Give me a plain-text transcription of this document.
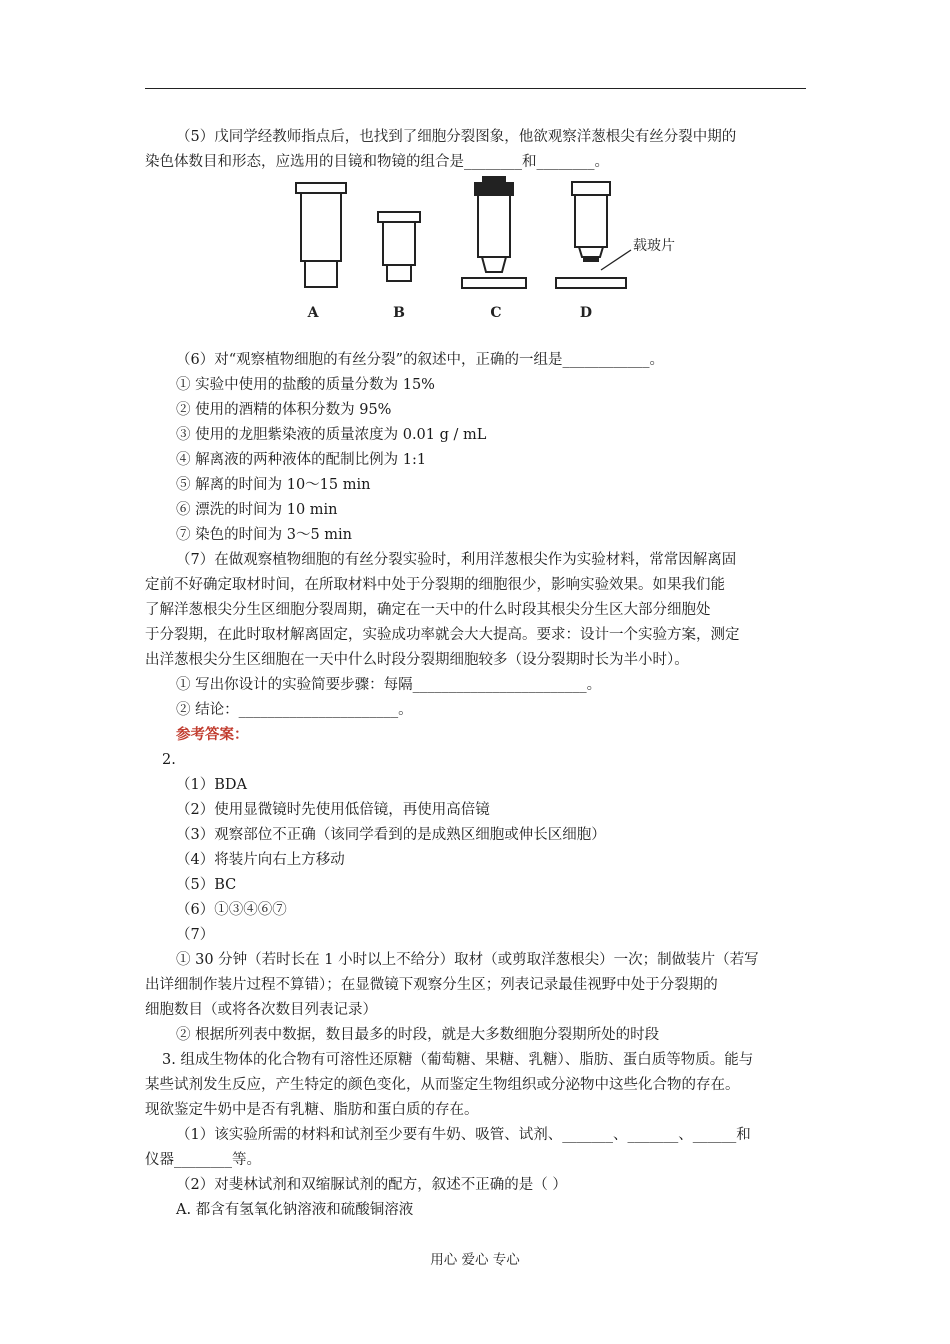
（5）戊同学经教师指点后，也找到了细胞分裂图象，他欲观察洋葱根尖有丝分裂中期的
染色体数目和形态，应选用的目镜和物镜的组合是________和________。
载玻片
A	B	C	D
（6）对“观察植物细胞的有丝分裂”的叙述中，正确的一组是____________。
① 实验中使用的盐酸的质量分数为 15%
② 使用的酒精的体积分数为 95%
③ 使用的龙胆紫染液的质量浓度为 0.01 g / mL
④ 解离液的两种液体的配制比例为 1:1
⑤ 解离的时间为 10～15 min
⑥ 漂洗的时间为 10 min
⑦ 染色的时间为 3～5 min
（7）在做观察植物细胞的有丝分裂实验时，利用洋葱根尖作为实验材料，常常因解离固
定前不好确定取材时间，在所取材料中处于分裂期的细胞很少，影响实验效果。如果我们能
了解洋葱根尖分生区细胞分裂周期，确定在一天中的什么时段其根尖分生区大部分细胞处
于分裂期，在此时取材解离固定，实验成功率就会大大提高。要求：设计一个实验方案，测定
出洋葱根尖分生区细胞在一天中什么时段分裂期细胞较多（设分裂期时长为半小时）。
① 写出你设计的实验简要步骤：每隔________________________。
② 结论：______________________。
参考答案：
2.
（1）BDA
（2）使用显微镜时先使用低倍镜，再使用高倍镜
（3）观察部位不正确（该同学看到的是成熟区细胞或伸长区细胞）
（4）将装片向右上方移动
（5）BC
（6）①③④⑥⑦
（7）
① 30 分钟（若时长在 1 小时以上不给分）取材（或剪取洋葱根尖）一次；制做装片（若写
出详细制作装片过程不算错）；在显微镜下观察分生区；列表记录最佳视野中处于分裂期的
细胞数目（或将各次数目列表记录）
② 根据所列表中数据，数目最多的时段，就是大多数细胞分裂期所处的时段
3. 组成生物体的化合物有可溶性还原糖（葡萄糖、果糖、乳糖）、脂肪、蛋白质等物质。能与
某些试剂发生反应，产生特定的颜色变化，从而鉴定生物组织或分泌物中这些化合物的存在。
现欲鉴定牛奶中是否有乳糖、脂肪和蛋白质的存在。
（1）该实验所需的材料和试剂至少要有牛奶、吸管、试剂、_______、_______、______和
仪器________等。
（2）对斐林试剂和双缩脲试剂的配方，叙述不正确的是（ ）
A. 都含有氢氧化钠溶液和硫酸铜溶液
用心 爱心 专心
